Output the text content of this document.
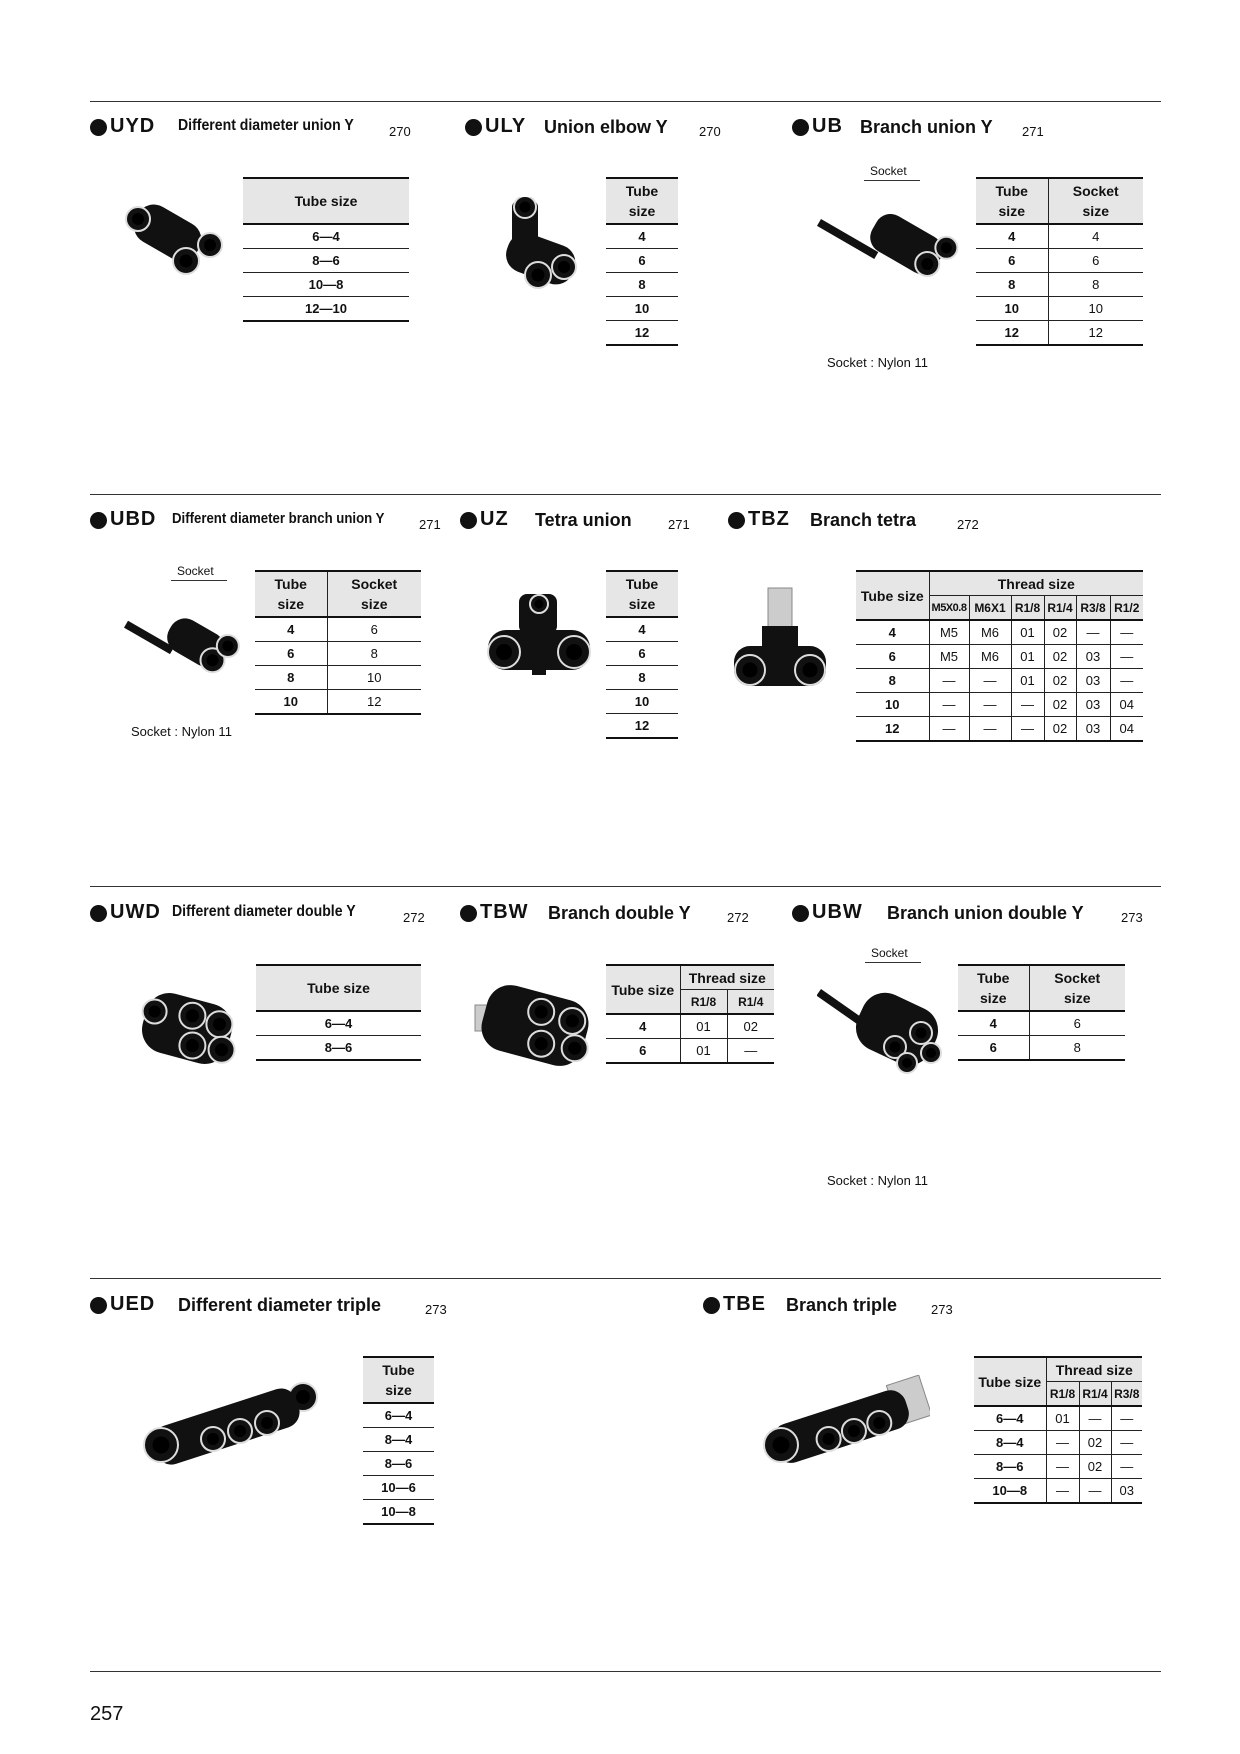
257
UYD Different diameter union Y	270
Tube size
6—4
8—6
10—8
12—10
ULY Union elbow Y 270
Tube size
4
6
8
10
12
UB Branch union Y 271
Socket
Socket : Nylon 11
Tube size	Socket size
4	4
6	6
8	8
10	10
12	12
UBD Different diameter branch union Y	271
Socket
Socket : Nylon 11
Tube size	Socket size
4	6
6	8
8	10
10	12
UZ Tetra union	271
Tube size
4
6
8
10
12
TBZ Branch tetra	272
Tube size	Thread size					
	M5X0.8	M6X1	R1/8	R1/4	R3/8	R1/2
4	M5	M6	01	02	—	—
6	M5	M6	01	02	03	—
8	—	—	01	02	03	—
10	—	—	—	02	03	04
12	—	—	—	02	03	04
UWD Different diameter double Y	272
Tube size
6—4
8—6
TBW Branch double Y	272
Tube size	Thread size	
	R1/8	R1/4
4	01	02
6	01	—
UBW Branch union double Y	273
Socket
Socket : Nylon 11
Tube size	Socket size
4	6
6	8
UED Different diameter triple	273
Tube size
6—4
8—4
8—6
10—6
10—8
TBE Branch triple	273
Tube size	Thread size		
	R1/8	R1/4	R3/8
6—4	01	—	—
8—4	—	02	—
8—6	—	02	—
10—8	—	—	03
